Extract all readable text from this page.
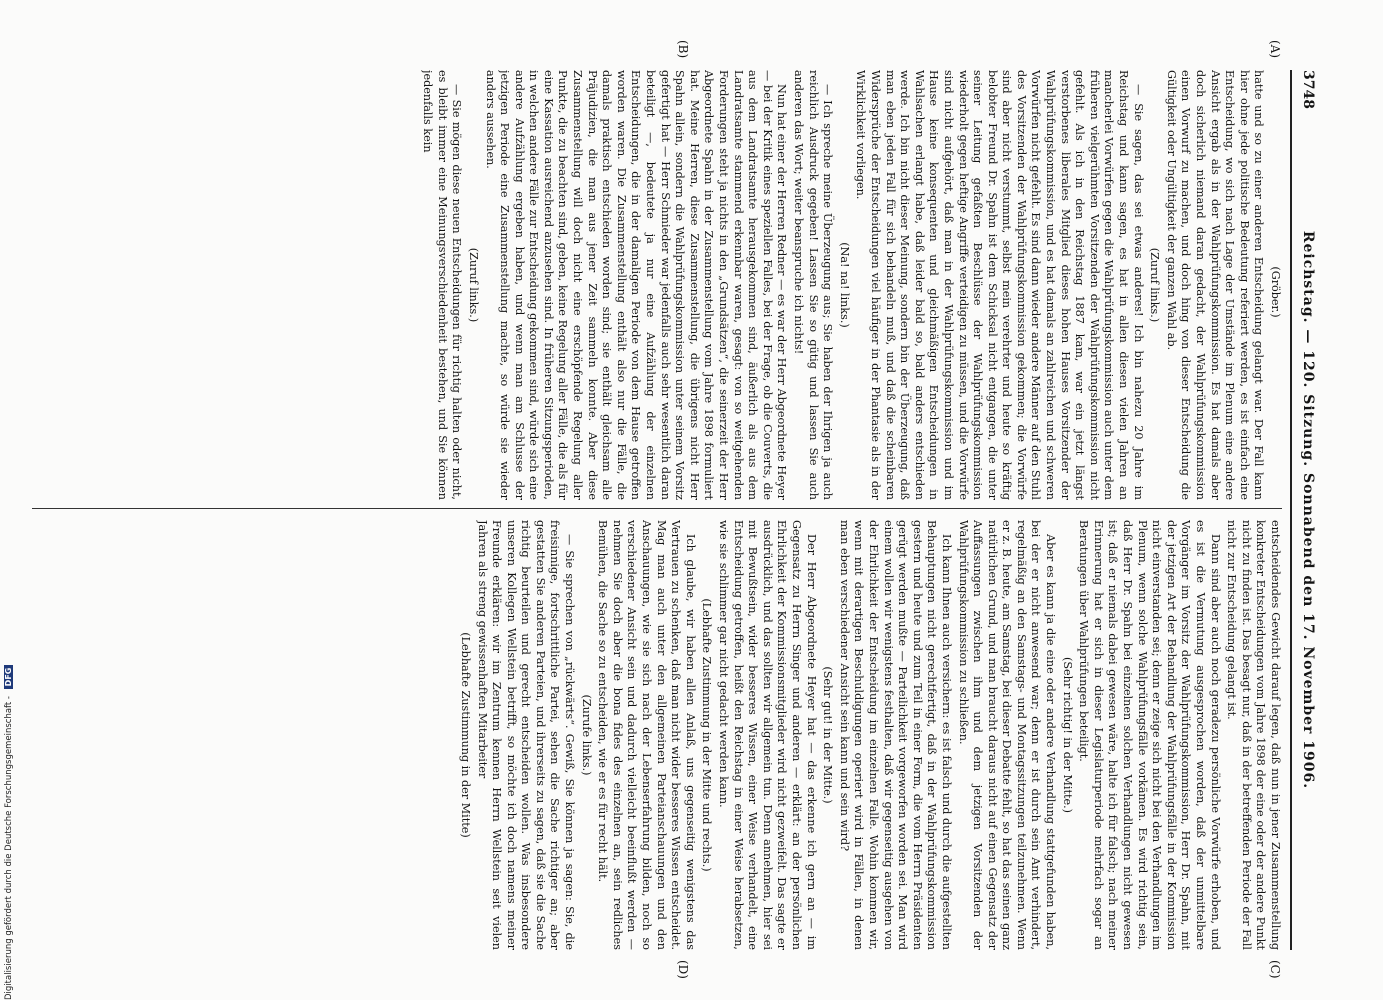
3748
Reichstag. — 120. Sitzung. Sonnabend den 17. November 1906.
(A)
(B)
(C)
(D)

(Gröber.)

hatte und so zu einer anderen Entscheidung gelangt war. Der Fall kann hier ohne jede politische Bedeutung referiert werden, es ist einfach eine Entscheidung, wo sich nach Lage der Umstände im Plenum eine andere Ansicht ergab als in der Wahlprüfungskommission. Es hat damals aber doch sicherlich niemand daran gedacht, der Wahlprüfungskommission einen Vorwurf zu machen, und doch hing von dieser Entscheidung die Gültigkeit oder Ungültigkeit der ganzen Wahl ab.

(Zuruf links.)

— Sie sagen, das sei etwas anderes! Ich bin nahezu 20 Jahre im Reichstag und kann sagen, es hat in allen diesen vielen Jahren an mancherlei Vorwürfen gegen die Wahlprüfungskommission auch unter dem früheren vielgerühmten Vorsitzenden der Wahlprüfungskommission nicht gefehlt. Als ich in den Reichstag 1887 kam, war ein jetzt längst verstorbenes liberales Mitglied dieses hohen Hauses Vorsitzender der Wahlprüfungskommission, und es hat damals an zahlreichen und schweren Vorwürfen nicht gefehlt. Es sind dann wieder andere Männer auf den Stuhl des Vorsitzenden der Wahlprüfungskommission gekommen; die Vorwürfe sind aber nicht verstummt, selbst mein verehrter und heute so kräftig belobter Freund Dr. Spahn ist dem Schicksal nicht entgangen, die unter seiner Leitung gefaßten Beschlüsse der Wahlprüfungskommission wiederholt gegen heftige Angriffe verteidigen zu müssen, und die Vorwürfe sind nicht aufgehört, daß man in der Wahlprüfungskommission und im Hause keine konsequenten und gleichmäßigen Entscheidungen in Wahlsachen erlangt habe, daß leider bald so, bald anders entschieden werde. Ich bin nicht dieser Meinung, sondern bin der Überzeugung, daß man eben jeden Fall für sich behandeln muß, und daß die scheinbaren Widersprüche der Entscheidungen viel häufiger in der Phantasie als in der Wirklichkeit vorliegen.

(Na! na! links.)

— Ich spreche meine Überzeugung aus; Sie haben der Ihrigen ja auch reichlich Ausdruck gegeben! Lassen Sie so gütig und lassen Sie auch anderen das Wort; weiter beanspruche ich nichts!

Nun hat einer der Herren Redner — es war der Herr Abgeordnete Heyer — bei der Kritik eines speziellen Falles, bei der Frage, ob die Couverts, die aus dem Landratsamte herausgekommen sind, äußerlich als aus dem Landratsamte stammend erkennbar waren, gesagt: von so weitgehenden Forderungen steht ja nichts in den „Grundsätzen“, die seinerzeit der Herr Abgeordnete Spahn in der Zusammenstellung vom Jahre 1898 formuliert hat. Meine Herren, diese Zusammenstellung, die übrigens nicht Herr Spahn allein, sondern die Wahlprüfungskommission unter seinem Vorsitz gefertigt hat — Herr Schmieder war jedenfalls auch sehr wesentlich daran beteiligt —, bedeutete ja nur eine Aufzählung der einzelnen Entscheidungen, die in der damaligen Periode von dem Hause getroffen worden waren. Die Zusammenstellung enthält also nur die Fälle, die damals praktisch entschieden worden sind; sie enthält gleichsam alle Präjudizien, die man aus jener Zeit sammeln konnte. Aber diese Zusammenstellung will doch nicht eine erschöpfende Regelung aller Punkte, die zu beachten sind, geben, keine Regelung aller Fälle, die als für eine Kassation ausreichend anzusehen sind. In früheren Sitzungsperioden, in welchen andere Fälle zur Entscheidung gekommen sind, würde sich eine andere Aufzählung ergeben haben, und wenn man am Schlusse der jetzigen Periode eine Zusammenstellung machte, so würde sie wieder anders aussehen.

(Zuruf links.)

— Sie mögen diese neuen Entscheidungen für richtig halten oder nicht, es bleibt immer eine Meinungsverschiedenheit bestehen, und Sie können jedenfalls kein

entscheidendes Gewicht darauf legen, daß nun in jener Zusammenstellung konkreter Entscheidungen vom Jahre 1898 der eine oder der andere Punkt nicht zu finden ist. Das besagt nur, daß in der betreffenden Periode der Fall nicht zur Entscheidung gelangt ist.

Dann sind aber auch noch geradezu persönliche Vorwürfe erhoben, und es ist die Vermutung ausgesprochen worden, daß der unmittelbare Vorgänger im Vorsitz der Wahlprüfungskommission, Herr Dr. Spahn, mit der jetzigen Art der Behandlung der Wahlprüfungsfälle in der Kommission nicht einverstanden sei; denn er zeige sich nicht bei den Verhandlungen im Plenum, wenn solche Wahlprüfungsfälle vorkämen. Es wird richtig sein, daß Herr Dr. Spahn bei einzelnen solchen Verhandlungen nicht gewesen ist; daß er niemals dabei gewesen wäre, halte ich für falsch; nach meiner Erinnerung hat er sich in dieser Legislaturperiode mehrfach sogar an Beratungen über Wahlprüfungen beteiligt.

(Sehr richtig! in der Mitte.)

Aber es kann ja die eine oder andere Verhandlung stattgefunden haben, bei der er nicht anwesend war; denn er ist durch sein Amt verhindert, regelmäßig an den Samstags- und Montagssitzungen teilzunehmen. Wenn er z. B. heute, am Samstag, bei dieser Debatte fehlt, so hat das seinen ganz natürlichen Grund, und man braucht daraus nicht auf einen Gegensatz der Auffassungen zwischen ihm und dem jetzigen Vorsitzenden der Wahlprüfungskommission zu schließen.

Ich kann Ihnen auch versichern: es ist falsch und durch die aufgestellten Behauptungen nicht gerechtfertigt, daß in der Wahlprüfungskommission gestern und heute und zum Teil in einer Form, die vom Herrn Präsidenten gerügt werden mußte — Parteilichkeit vorgeworfen worden sei. Man wird einem wollen wir wenigstens festhalten, daß wir gegenseitig ausgehen von der Ehrlichkeit der Entscheidung im einzelnen Falle. Wohin kommen wir, wenn mit derartigen Beschuldigungen operiert wird in Fällen, in denen man eben verschiedener Ansicht sein kann und sein wird?

(Sehr gut! in der Mitte.)

Der Herr Abgeordnete Heyer hat — das erkenne ich gern an — im Gegensatz zu Herrn Singer und anderen — erklärt: an der persönlichen Ehrlichkeit der Kommissionsmitglieder wird nicht gezweifelt. Das sagte er ausdrücklich, und das sollten wir allgemein tun. Denn annehmen, hier sei mit Bewußtsein, wider besseres Wissen, einer Weise verhandelt, eine Entscheidung getroffen, heißt den Reichstag in einer Weise herabsetzen, wie sie schlimmer gar nicht gedacht werden kann.

(Lebhafte Zustimmung in der Mitte und rechts.)

Ich glaube, wir haben allen Anlaß, uns gegenseitig wenigstens das Vertrauen zu schenken, daß man nicht wider besseres Wissen entscheidet. Mag man auch unter den allgemeinen Parteianschauungen und den Anschauungen, wie sie sich nach der Lebenserfahrung bilden, noch so verschiedener Ansicht sein und dadurch vielleicht beeinflußt werden — nehmen Sie doch aber die bona fides des einzelnen an, sein redliches Bemühen, die Sache so zu entscheiden, wie er es für recht hält.

(Zurufe links.)

— Sie sprechen von „rückwärts“. Gewiß, Sie können ja sagen: Sie, die freisinnige, fortschrittliche Partei, sehen die Sache richtiger an; aber gestatten Sie anderen Parteien, und ihrerseits zu sagen, daß sie die Sache richtig beurteilen und gerecht entscheiden wollen. Was insbesondere unseren Kollegen Wellstein betrifft, so möchte ich doch namens meiner Freunde erklären: wir im Zentrum kennen Herrn Wellstein seit vielen Jahren als streng gewissenhaften Mitarbeiter

(Lebhafte Zustimmung in der Mitte)

Digitalisierung gefördert durch die Deutsche Forschungsgemeinschaft - DFG
